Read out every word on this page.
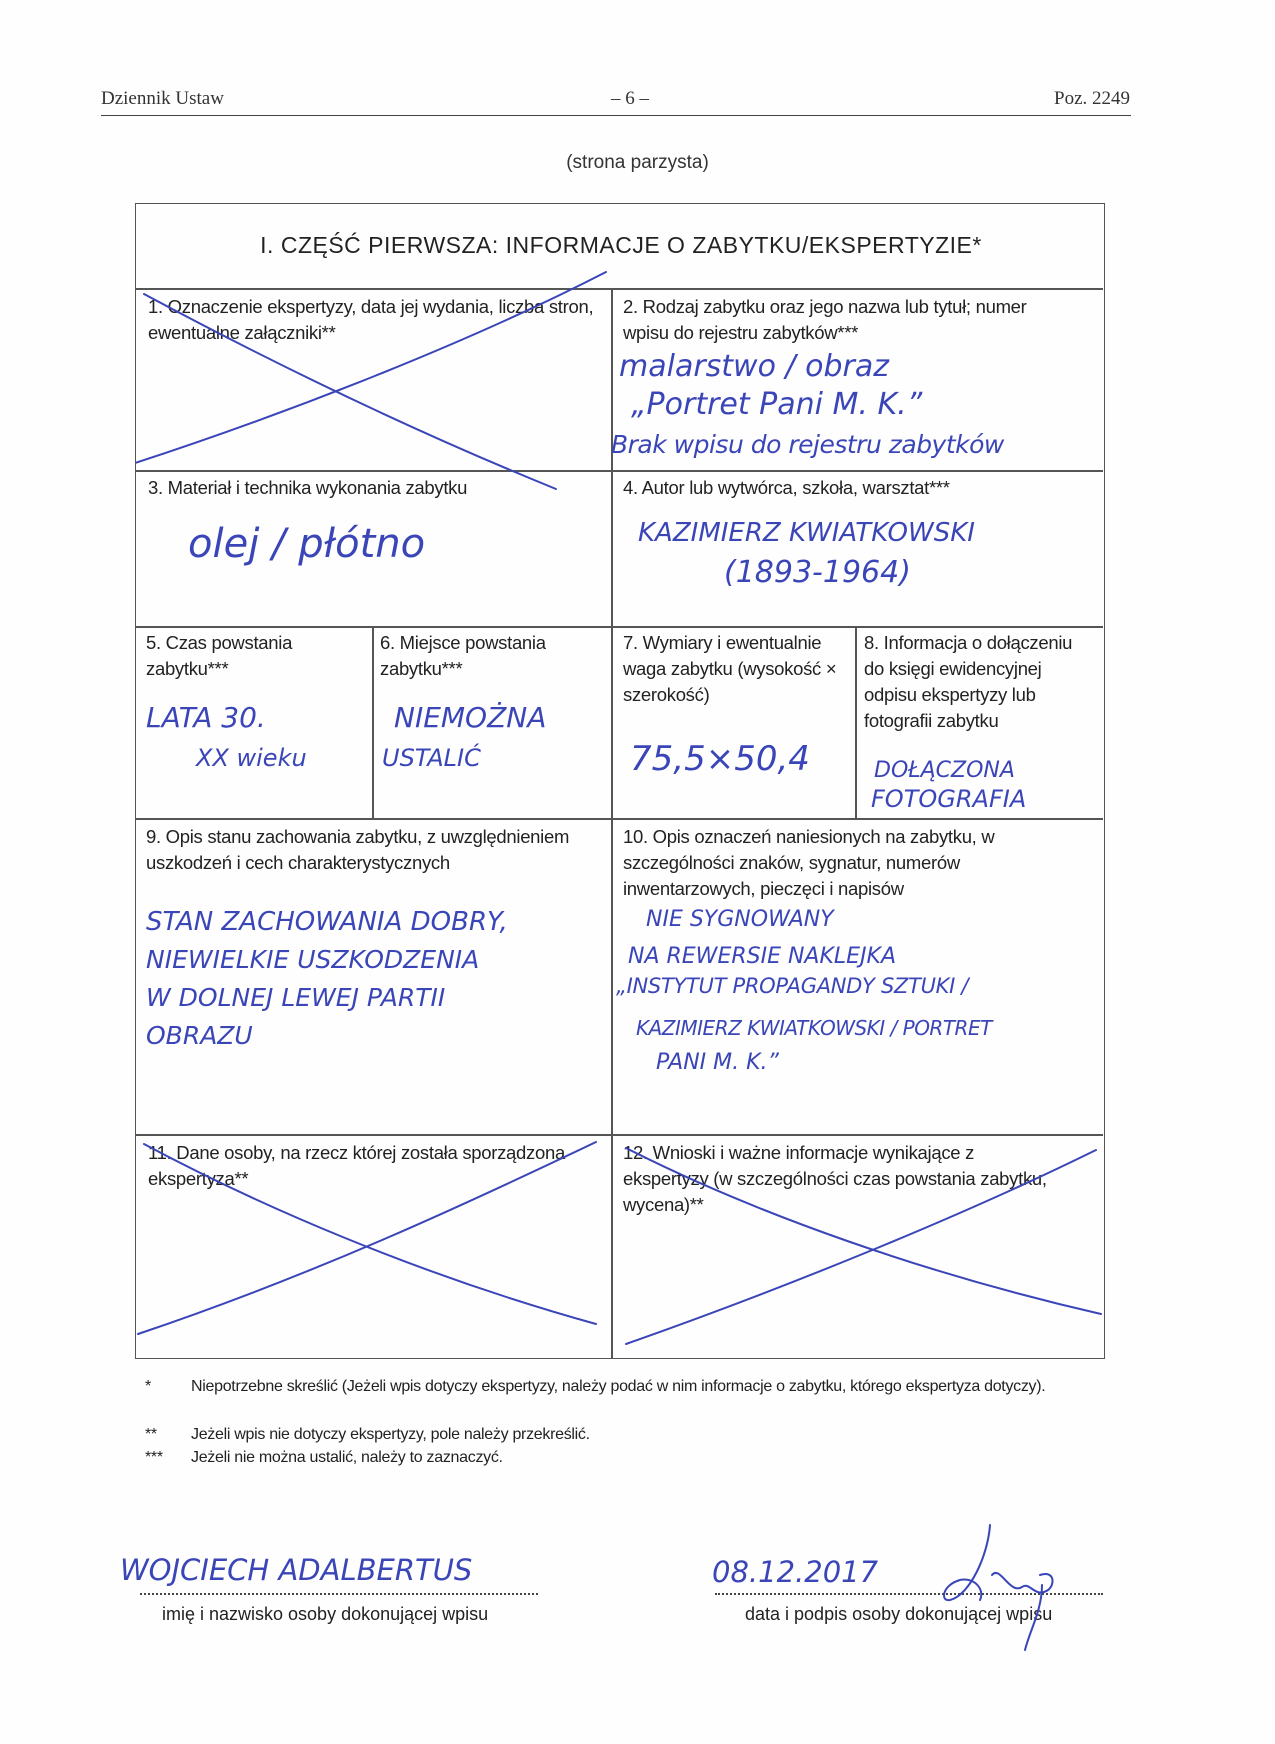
Dziennik Ustaw	– 6 –	Poz. 2249
(strona parzysta)
I. CZĘŚĆ PIERWSZA: INFORMACJE O ZABYTKU/EKSPERTYZIE*
1. Oznaczenie ekspertyzy, data jej wydania, liczba stron, ewentualne załączniki**
2. Rodzaj zabytku oraz jego nazwa lub tytuł; numer wpisu do rejestru zabytków***
malarstwo / obraz
„Portret Pani M. K.”
Brak wpisu do rejestru zabytków
3. Materiał i technika wykonania zabytku
olej / płótno
4. Autor lub wytwórca, szkoła, warsztat***
KAZIMIERZ KWIATKOWSKI
(1893-1964)
5. Czas powstania zabytku***
LATA 30.
XX wieku
6. Miejsce powstania zabytku***
NIEMOŻNA
USTALIĆ
7. Wymiary i ewentualnie waga zabytku (wysokość × szerokość)
75,5×50,4
8. Informacja o dołączeniu do księgi ewidencyjnej odpisu ekspertyzy lub fotografii zabytku
DOŁĄCZONA
FOTOGRAFIA
9. Opis stanu zachowania zabytku, z uwzględnieniem uszkodzeń i cech charakterystycznych
STAN ZACHOWANIA DOBRY,
NIEWIELKIE USZKODZENIA
W DOLNEJ LEWEJ PARTII
OBRAZU
10. Opis oznaczeń naniesionych na zabytku, w szczególności znaków, sygnatur, numerów inwentarzowych, pieczęci i napisów
NIE SYGNOWANY
NA REWERSIE NAKLEJKA
„INSTYTUT PROPAGANDY SZTUKI /
KAZIMIERZ KWIATKOWSKI / PORTRET
PANI M. K.”
11. Dane osoby, na rzecz której została sporządzona ekspertyza**
12. Wnioski i ważne informacje wynikające z ekspertyzy (w szczególności czas powstania zabytku, wycena)**
*	Niepotrzebne skreślić (Jeżeli wpis dotyczy ekspertyzy, należy podać w nim informacje o zabytku, którego ekspertyza dotyczy).
** Jeżeli wpis nie dotyczy ekspertyzy, pole należy przekreślić.
*** Jeżeli nie można ustalić, należy to zaznaczyć.
WOJCIECH ADALBERTUS
imię i nazwisko osoby dokonującej wpisu
08.12.2017
data i podpis osoby dokonującej wpisu
